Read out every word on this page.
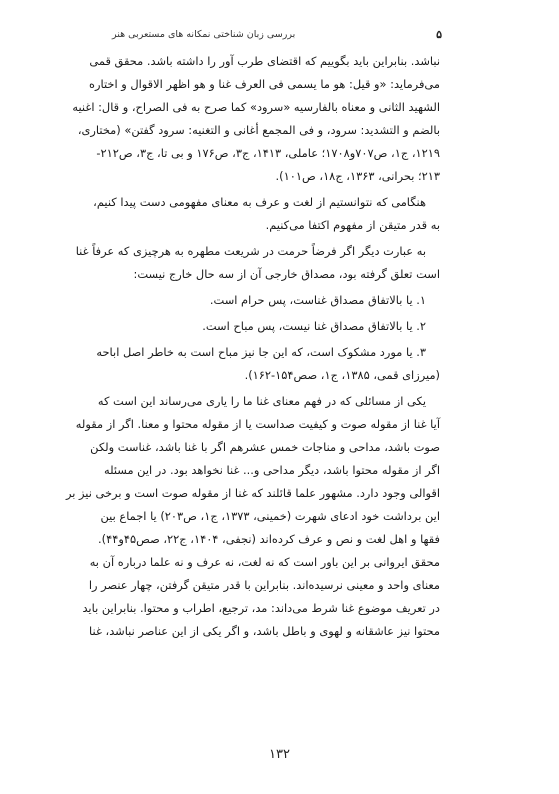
۵
بررسی زبان شناختی نمکانه های مستعربی هنر
نباشد. بنابراین باید بگوییم که اقتضای طرب آور را داشته باشد. محقق قمی
می‌فرماید: «و قیل: هو ما یسمی فی العرف غنا و هو اظهر الاقوال و اختاره
الشهید الثانی و معناه بالفارسیه «سرود» کما صرح به فی الصراح، و قال: اغنیه
بالضم و التشدید: سرود، و فی المجمع أغانی و التغنیه: سرود گفتن» (مختاری،
۱۲۱۹، ج۱، ص۷۰۷و۱۷۰۸؛ عاملی، ۱۴۱۳، ج۳، ص۱۷۶ و بی تا، ج۳، ص۲۱۲-
۲۱۳؛ بحرانی، ۱۳۶۳، ج۱۸، ص۱۰۱).
هنگامی که نتوانستیم از لغت و عرف به معنای مفهومی دست پیدا کنیم،
به قدر متیقن از مفهوم اکتفا می‌کنیم.
به عبارت دیگر اگر فرضاً حرمت در شریعت مطهره به هرچیزی که عرفاً غنا
است تعلق گرفته بود، مصداق خارجی آن از سه حال خارج نیست:
۱. یا بالاتفاق مصداق غناست، پس حرام است.
۲. یا بالاتفاق مصداق غنا نیست، پس مباح است.
۳. یا مورد مشکوک است، که این‌ جا نیز مباح است به خاطر اصل اباحه
(میرزای قمی، ۱۳۸۵، ج۱، صص۱۵۴-۱۶۲).
یکی از مسائلی که در فهم معنای غنا ما را یاری می‌رساند این است که
آیا غنا از مقوله صوت و کیفیت صداست یا از مقوله محتوا و معنا. اگر از مقوله
صوت باشد، مداحی و مناجات خمس عشرهم اگر با غنا باشد، غناست ولکن
اگر از مقوله محتوا باشد، دیگر مداحی و... غنا نخواهد بود. در این مسئله
اقوالی وجود دارد. مشهور علما قائلند که غنا از مقوله صوت است و برخی نیز بر
این برداشت خود ادعای شهرت (خمینی، ۱۳۷۳، ج۱، ص۲۰۳) یا اجماع بین
فقها و اهل لغت و نص و عرف کرده‌اند (نجفی، ۱۴۰۴، ج۲۲، صص۴۵و۴۴).
محقق ایروانی بر این باور است که نه لغت، نه عرف و نه علما درباره آن به
معنای واحد و معینی نرسیده‌اند. بنابراین با قدر متیقن گرفتن، چهار عنصر را
در تعریف موضوع غنا شرط می‌داند: مد، ترجیع، اطراب و محتوا. بنابراین باید
محتوا نیز عاشقانه و لهوی و باطل باشد، و اگر یکی از این عناصر نباشد، غنا
۱۳۲
